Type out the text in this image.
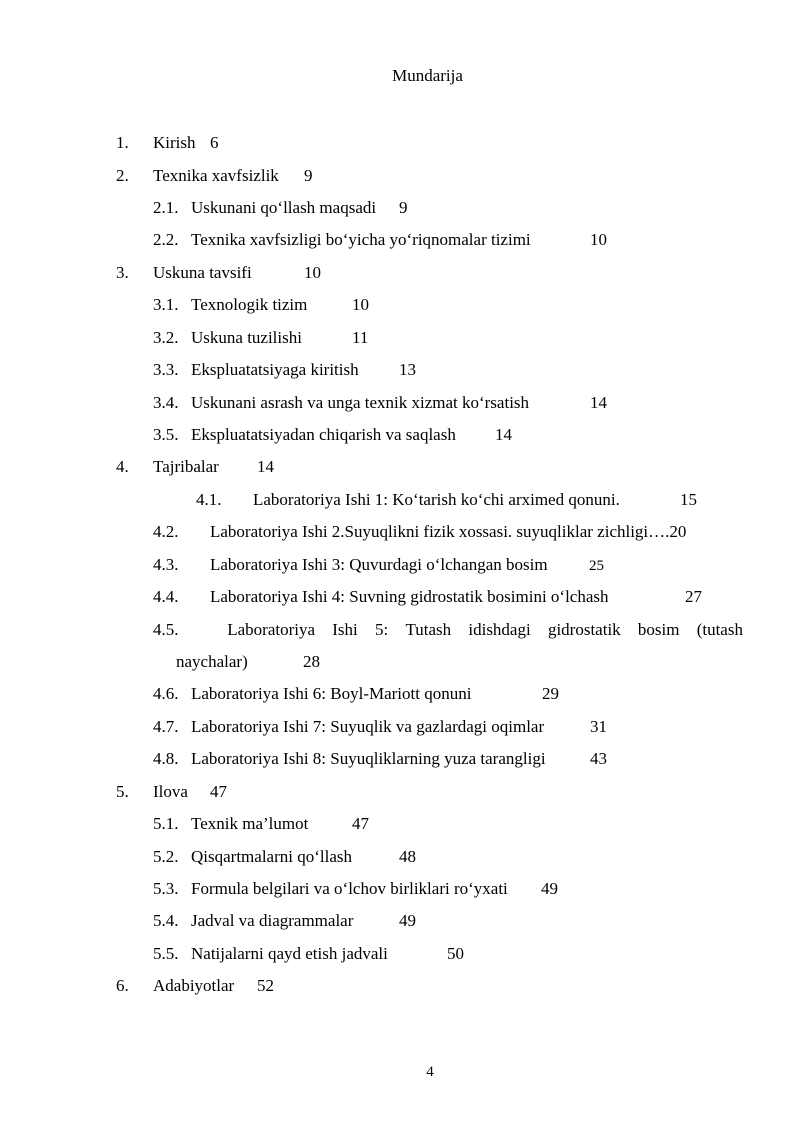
Mundarija
1. Kirish 6
2. Texnika xavfsizlik 9
2.1. Uskunani qo‘llash maqsadi 9
2.2. Texnika xavfsizligi bo‘yicha yo‘riqnomalar tizimi	10
3. Uskuna tavsifi	10
3.1. Texnologik tizim	10
3.2. Uskuna tuzilishi	11
3.3. Ekspluatatsiyaga kiritish 13
3.4. Uskunani asrash va unga texnik xizmat ko‘rsatish	14
3.5. Ekspluatatsiyadan chiqarish va saqlash 14
4. Tajribalar 14
4.1. Laboratoriya Ishi 1: Ko‘tarish ko‘chi arximed qonuni.	15
4.2. Laboratoriya Ishi 2.Suyuqlikni fizik xossasi. suyuqliklar zichligi….20
4.3. Laboratoriya Ishi 3: Quvurdagi o‘lchangan bosim	25
4.4. Laboratoriya Ishi 4: Suvning gidrostatik bosimini o‘lchash	27
4.5.	Laboratoriya Ishi 5: Tutash idishdagi gidrostatik bosim (tutash
naychalar)	28
4.6. Laboratoriya Ishi 6: Boyl-Mariott qonuni	29
4.7. Laboratoriya Ishi 7: Suyuqlik va gazlardagi oqimlar	31
4.8. Laboratoriya Ishi 8: Suyuqliklarning yuza tarangligi	43
5. Ilova 47
5.1. Texnik ma’lumot	47
5.2. Qisqartmalarni qo‘llash	48
5.3. Formula belgilari va o‘lchov birliklari ro‘yxati 49
5.4. Jadval va diagrammalar	49
5.5. Natijalarni qayd etish jadvali	50
6. Adabiyotlar 52
4
